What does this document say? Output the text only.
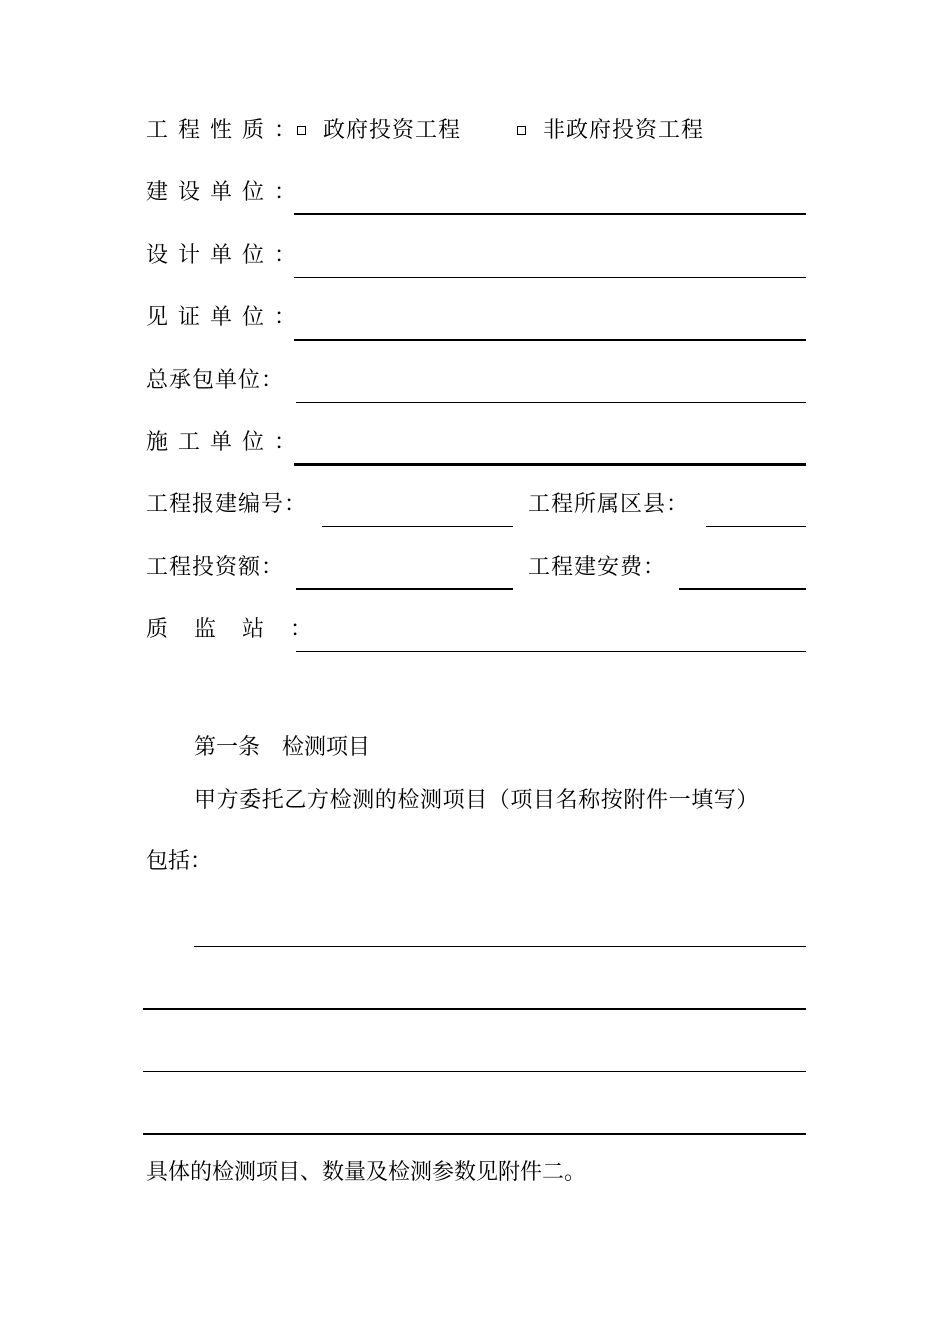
工程性质： 政府投资工程	非政府投资工程
建设单位：
设计单位：
见证单位：
总承包单位：
施工单位：
工程报建编号：	工程所属区县：
工程投资额：	工程建安费：
质监站：
第一条　检测项目
甲方委托乙方检测的检测项目（项目名称按附件一填写）
包括：
具体的检测项目、数量及检测参数见附件二。
